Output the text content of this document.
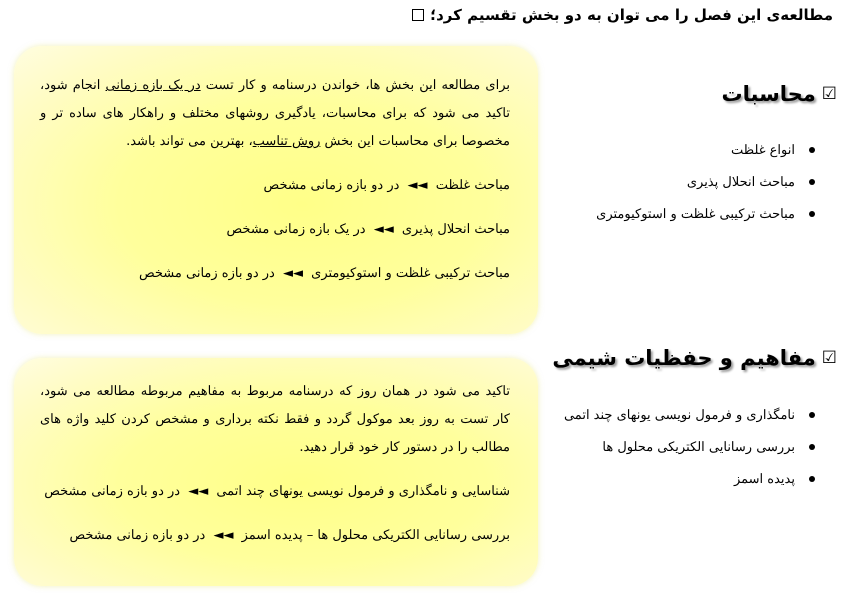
مطالعه‌ی این فصل را می توان به دو بخش تقسیم کرد؛
☑
محاسبات
انواع غلظت
مباحث انحلال پذیری
مباحث ترکیبی غلظت و استوکیومتری

برای مطالعه این بخش ها، خواندن درسنامه و کار تست در یک بازه زمانی انجام شود، تاکید می شود که برای محاسبات، یادگیری روشهای مختلف و راهکار های ساده تر و مخصوصا برای محاسبات این بخش روش تناسب، بهترین می تواند باشد.

مباحث غلظت ◄◄ در دو بازه زمانی مشخص
مباحث انحلال پذیری ◄◄ در یک بازه زمانی مشخص
مباحث ترکیبی غلظت و استوکیومتری ◄◄ در دو بازه زمانی مشخص
☑
مفاهیم و حفظیات شیمی
نامگذاری و فرمول نویسی یونهای چند اتمی
بررسی رسانایی الکتریکی محلول ها
پدیده اسمز

تاکید می شود در همان روز که درسنامه مربوط به مفاهیم مربوطه مطالعه می شود، کار تست به روز بعد موکول گردد و فقط نکته برداری و مشخص کردن کلید واژه های مطالب را در دستور کار خود قرار دهید.

شناسایی و نامگذاری و فرمول نویسی یونهای چند اتمی ◄◄ در دو بازه زمانی مشخص
بررسی رسانایی الکتریکی محلول ها – پدیده اسمز ◄◄ در دو بازه زمانی مشخص
